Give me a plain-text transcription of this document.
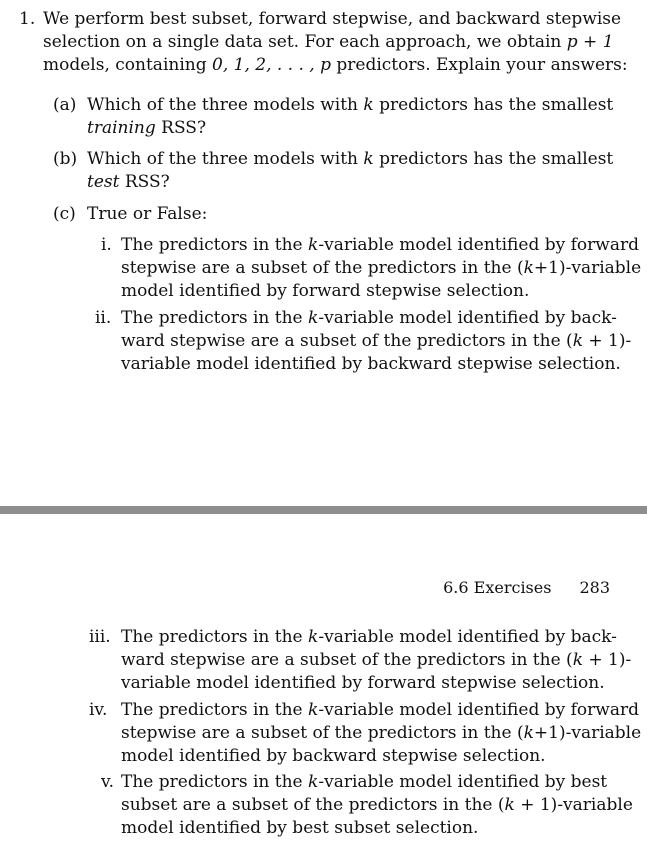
1. We perform best subset, forward stepwise, and backward stepwise
selection on a single data set. For each approach, we obtain p + 1
models, containing 0, 1, 2, . . . , p predictors. Explain your answers:
(a) Which of the three models with k predictors has the smallest
training RSS?
(b) Which of the three models with k predictors has the smallest
test RSS?
(c) True or False:
i. The predictors in the k-variable model identified by forward
stepwise are a subset of the predictors in the (k+1)-variable
model identified by forward stepwise selection.
ii. The predictors in the k-variable model identified by back-
ward stepwise are a subset of the predictors in the (k + 1)-
variable model identified by backward stepwise selection.
6.6 Exercises 283
iii. The predictors in the k-variable model identified by back-
ward stepwise are a subset of the predictors in the (k + 1)-
variable model identified by forward stepwise selection.
iv. The predictors in the k-variable model identified by forward
stepwise are a subset of the predictors in the (k+1)-variable
model identified by backward stepwise selection.
v. The predictors in the k-variable model identified by best
subset are a subset of the predictors in the (k + 1)-variable
model identified by best subset selection.
